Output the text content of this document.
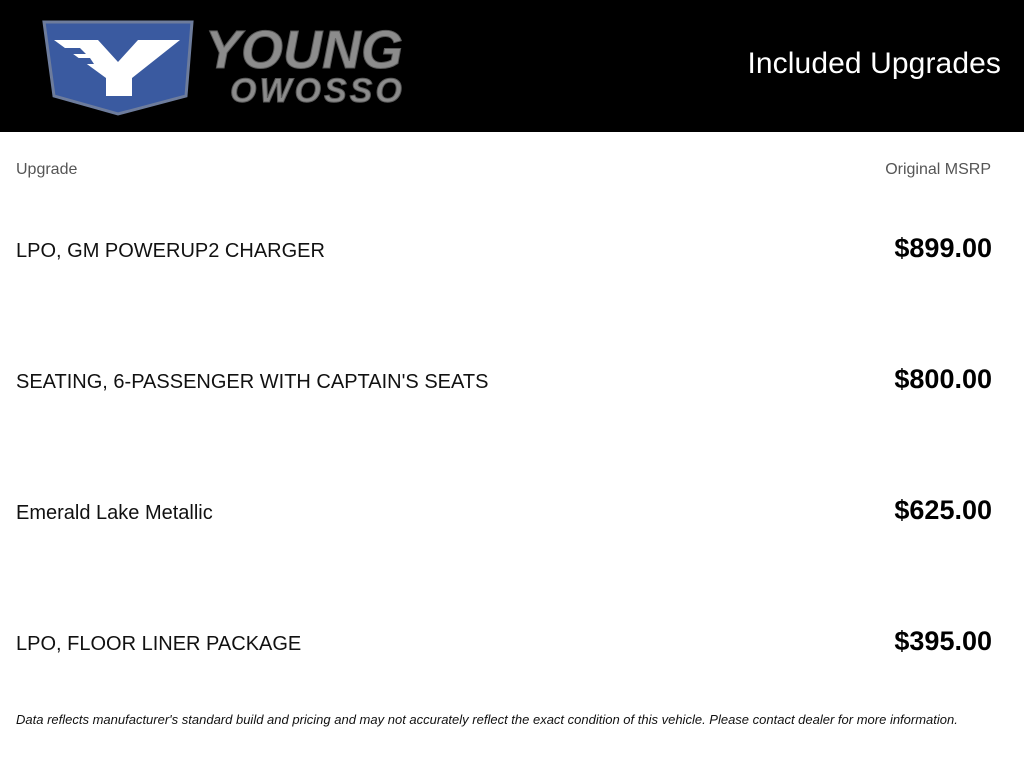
YOUNG
OWOSSO
Included Upgrades
Upgrade	Original MSRP
LPO, GM POWERUP2 CHARGER	$899.00
SEATING, 6-PASSENGER WITH CAPTAIN'S SEATS	$800.00
Emerald Lake Metallic	$625.00
LPO, FLOOR LINER PACKAGE	$395.00
Data reflects manufacturer's standard build and pricing and may not accurately reflect the exact condition of this vehicle. Please contact dealer for more information.
